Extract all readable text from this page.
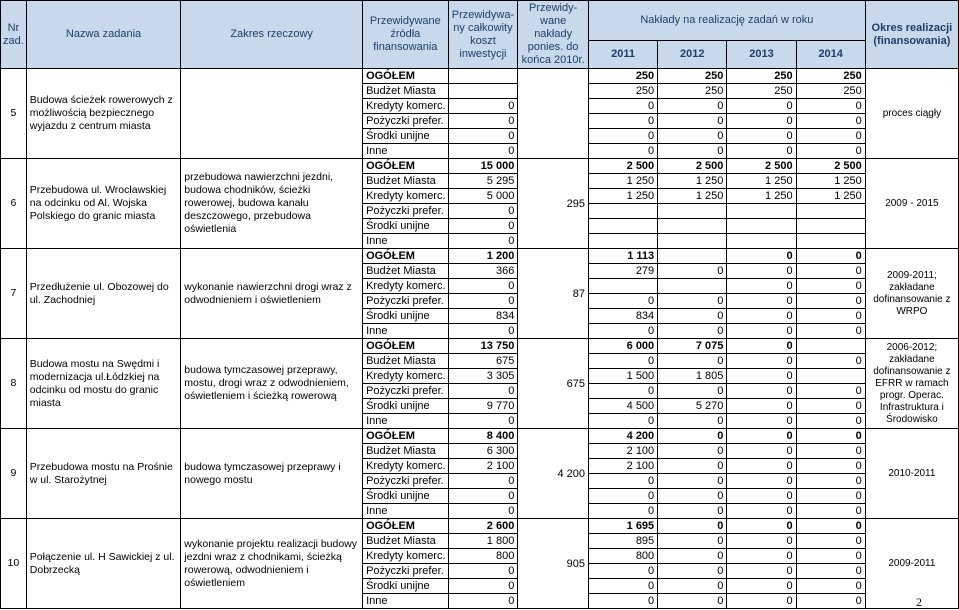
Nr zad.	Nazwa zadania	Zakres rzeczowy	Przewidywane źródła finansowania	Przewidywa-ny całkowity koszt inwestycji	Przewidy-wane nakłady ponies. do końca 2010r.	Nakłady na realizację zadań w roku				Okres realizacji (finansowania)
						2011	2012	2013	2014	
5	Budowa ścieżek rowerowych z możliwością bezpiecznego wyjazdu z centrum miasta		OGÓŁEM			250	250	250	250	proces ciągły
			Budżet Miasta			250	250	250	250	
			Kredyty komerc.	0		0	0	0	0	
			Pożyczki prefer.	0		0	0	0	0	
			Środki unijne	0		0	0	0	0	
			Inne	0		0	0	0	0	
6	Przebudowa ul. Wrocławskiej na odcinku od Al. Wojska Polskiego do granic miasta	przebudowa nawierzchni jezdni, budowa chodników, ścieżki rowerowej, budowa kanału deszczowego, przebudowa oświetlenia	OGÓŁEM	15 000	295	2 500	2 500	2 500	2 500	2009 - 2015
			Budżet Miasta	5 295		1 250	1 250	1 250	1 250	
			Kredyty komerc.	5 000		1 250	1 250	1 250	1 250	
			Pożyczki prefer.	0						
			Środki unijne	0						
			Inne	0						
7	Przedłużenie ul. Obozowej do ul. Zachodniej	wykonanie nawierzchni drogi wraz z odwodnieniem i oświetleniem	OGÓŁEM	1 200	87	1 113		0	0	2009-2011; zakładane dofinansowanie z WRPO
			Budżet Miasta	366		279	0	0	0	
			Kredyty komerc.	0				0	0	
			Pożyczki prefer.	0		0	0	0	0	
			Środki unijne	834		834	0	0	0	
			Inne	0		0	0	0	0	
8	Budowa mostu na Swędmi i modernizacja ul.Łódzkiej na odcinku od mostu do granic miasta	budowa tymczasowej przeprawy, mostu, drogi wraz z odwodnieniem, oświetleniem i ścieżką rowerową	OGÓŁEM	13 750	675	6 000	7 075	0		2006-2012; zakładane dofinansowanie z EFRR w ramach progr. Operac. Infrastruktura i Środowisko
			Budżet Miasta	675		0	0	0	0	
			Kredyty komerc.	3 305		1 500	1 805	0		
			Pożyczki prefer.	0		0	0	0	0	
			Środki unijne	9 770		4 500	5 270	0	0	
			Inne	0		0	0	0	0	
9	Przebudowa mostu na Prośnie w ul. Starożytnej	budowa tymczasowej przeprawy i nowego mostu	OGÓŁEM	8 400	4 200	4 200	0	0	0	2010-2011
			Budżet Miasta	6 300		2 100	0	0	0	
			Kredyty komerc.	2 100		2 100	0	0	0	
			Pożyczki prefer.	0		0	0	0	0	
			Środki unijne	0		0	0	0	0	
			Inne	0		0	0	0	0	
10	Połączenie ul. H Sawickiej z ul. Dobrzecką	wykonanie projektu realizacji budowy jezdni wraz z chodnikami, ścieżką rowerową, odwodnieniem i oświetleniem	OGÓŁEM	2 600	905	1 695	0	0	0	2009-2011
			Budżet Miasta	1 800		895	0	0	0	
			Kredyty komerc.	800		800	0	0	0	
			Pożyczki prefer.	0		0	0	0	0	
			Środki unijne	0		0	0	0	0	
			Inne	0		0	0	0	0		2
